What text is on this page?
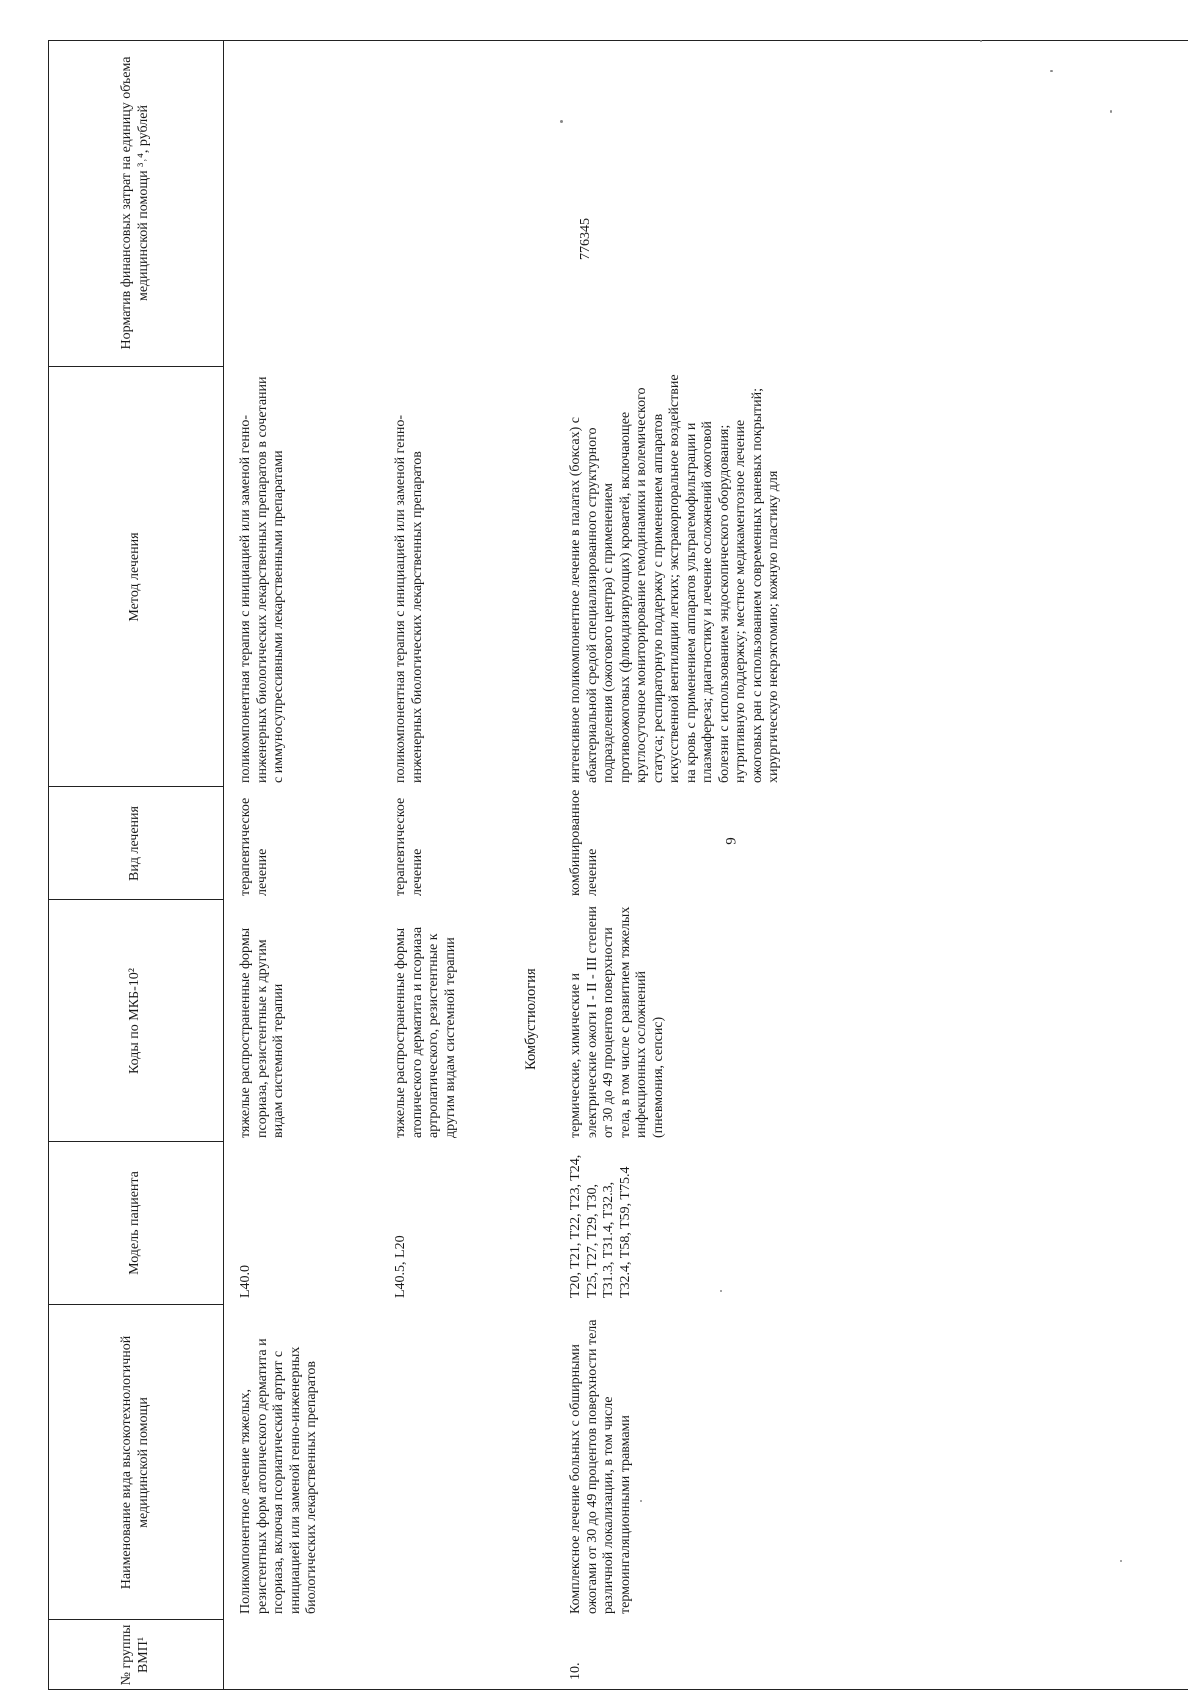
9
№ группы ВМП¹
Наименование вида высокотехнологичной медицинской помощи
Коды по МКБ-10²
Вид лечения
Метод лечения
Норматив финансовых затрат на единицу объема медицинской помощи ³˒⁴, рублей
Модель пациента
Поликомпонентное лечение тяжелых, резистентных форм атопического дерматита и псориаза, включая псориатический артрит с инициацией или заменой генно-инженерных биологических лекарственных препаратов
L40.0
тяжелые распространенные формы псориаза, резистентные к другим видам системной терапии
терапевтическое лечение
поликомпонентная терапия с инициацией или заменой генно-инженерных биологических лекарственных препаратов в сочетании с иммуносупрессивными лекарственными препаратами
L40.5, L20
тяжелые распространенные формы атопического дерматита и псориаза артропатического, резистентные к другим видам системной терапии
терапевтическое лечение
поликомпонентная терапия с инициацией или заменой генно-инженерных биологических лекарственных препаратов
Комбустиология
10.
Комплексное лечение больных с обширными ожогами от 30 до 49 процентов поверхности тела различной локализации, в том числе термоингаляционными травмами
T20, T21, T22, T23, T24, T25, T27, T29, T30, T31.3, T31.4, T32.3, T32.4, T58, T59, T75.4
термические, химические и электрические ожоги I - II - III степени от 30 до 49 процентов поверхности тела, в том числе с развитием тяжелых инфекционных осложнений (пневмония, сепсис)
комбинированное лечение
интенсивное поликомпонентное лечение в палатах (боксах) с абактериальной средой специализированного структурного подразделения (ожогового центра) с применением противоожоговых (флюидизирующих) кроватей, включающее круглосуточное мониторирование гемодинамики и волемического статуса; респираторную поддержку с применением аппаратов искусственной вентиляции легких; экстракорпоральное воздействие на кровь с применением аппаратов ультрагемофильтрации и плазмафереза; диагностику и лечение осложнений ожоговой болезни с использованием эндоскопического оборудования; нутритивную поддержку; местное медикаментозное лечение ожоговых ран с использованием современных раневых покрытий; хирургическую некрэктомию; кожную пластику для
776345
